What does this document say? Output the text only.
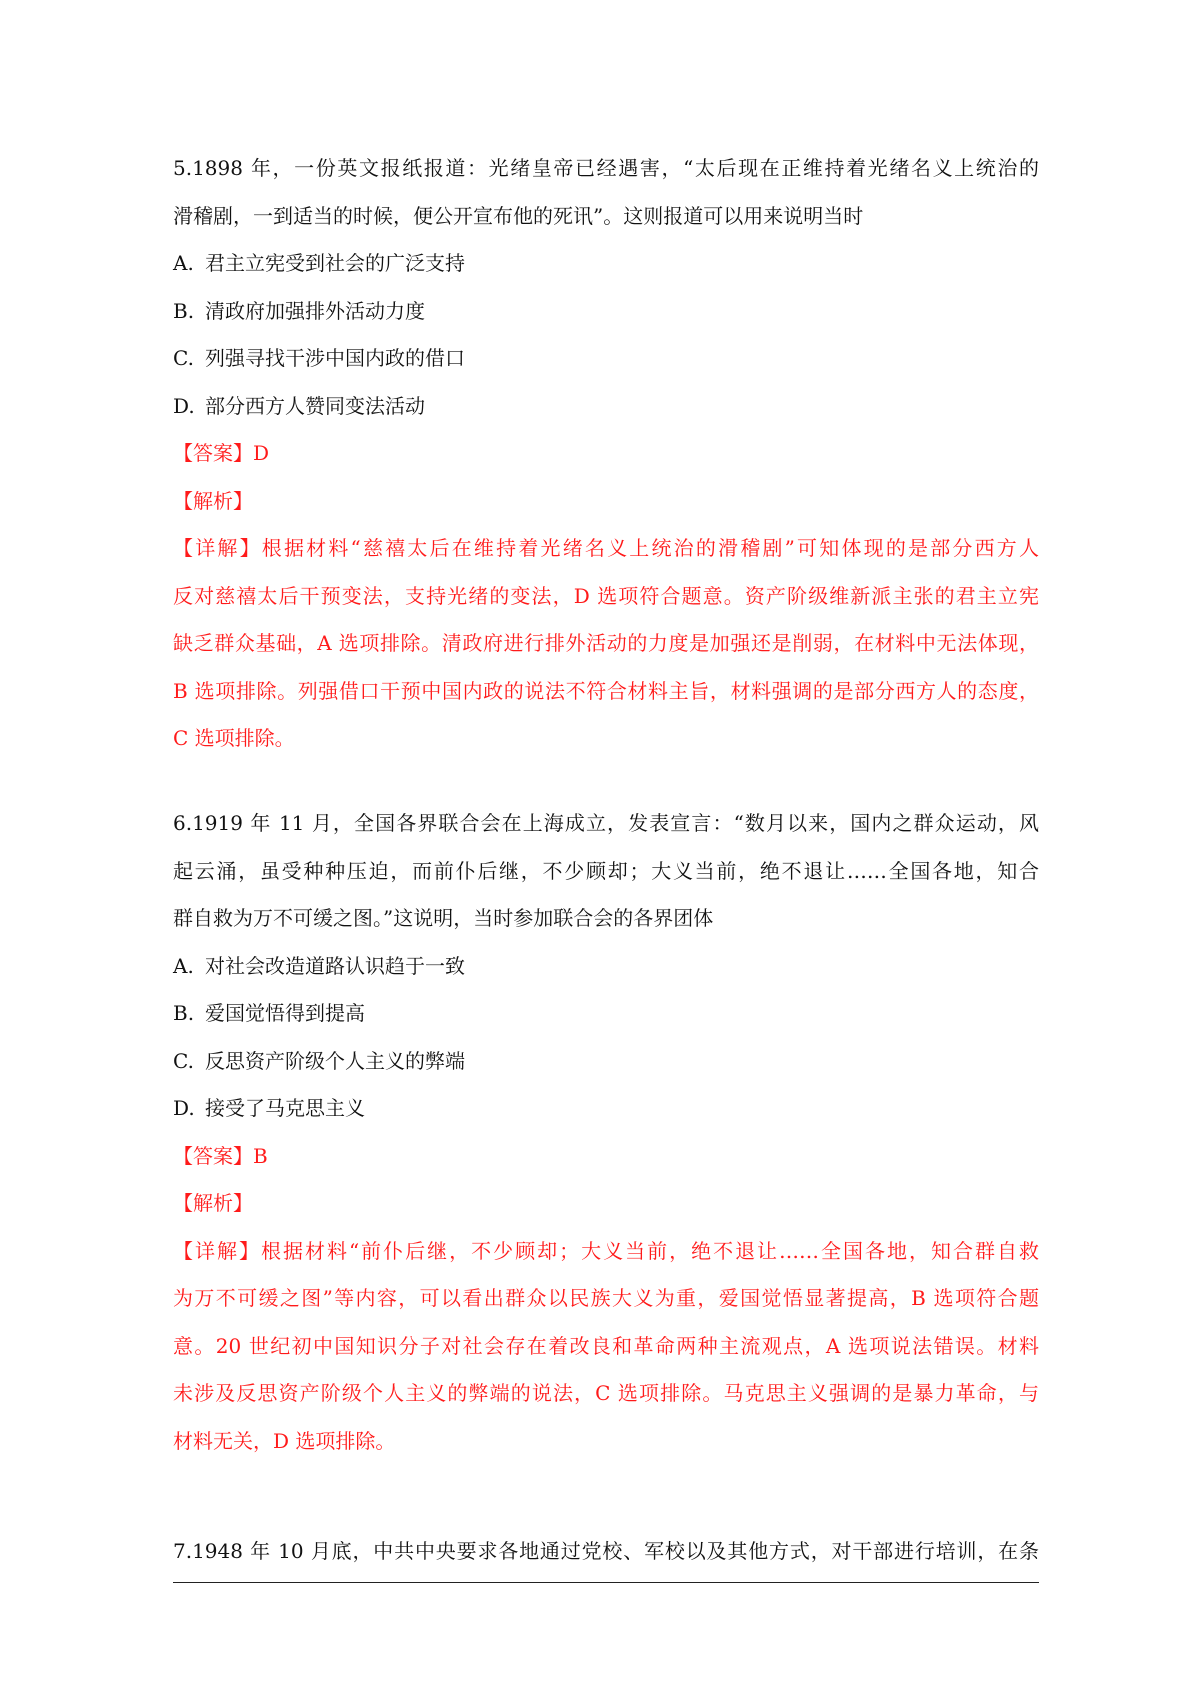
5.1898 年，一份英文报纸报道：光绪皇帝已经遇害，“太后现在正维持着光绪名义上统治的
滑稽剧，一到适当的时候，便公开宣布他的死讯”。这则报道可以用来说明当时
A. 君主立宪受到社会的广泛支持
B. 清政府加强排外活动力度
C. 列强寻找干涉中国内政的借口
D. 部分西方人赞同变法活动
【答案】D
【解析】
【详解】根据材料“慈禧太后在维持着光绪名义上统治的滑稽剧”可知体现的是部分西方人
反对慈禧太后干预变法，支持光绪的变法，D 选项符合题意。资产阶级维新派主张的君主立宪
缺乏群众基础，A 选项排除。清政府进行排外活动的力度是加强还是削弱，在材料中无法体现，
B 选项排除。列强借口干预中国内政的说法不符合材料主旨，材料强调的是部分西方人的态度，
C 选项排除。
6.1919 年 11 月，全国各界联合会在上海成立，发表宣言：“数月以来，国内之群众运动，风
起云涌，虽受种种压迫，而前仆后继，不少顾却；大义当前，绝不退让……全国各地，知合
群自救为万不可缓之图。”这说明，当时参加联合会的各界团体
A. 对社会改造道路认识趋于一致
B. 爱国觉悟得到提高
C. 反思资产阶级个人主义的弊端
D. 接受了马克思主义
【答案】B
【解析】
【详解】根据材料“前仆后继，不少顾却；大义当前，绝不退让……全国各地，知合群自救
为万不可缓之图”等内容，可以看出群众以民族大义为重，爱国觉悟显著提高，B 选项符合题
意。20 世纪初中国知识分子对社会存在着改良和革命两种主流观点，A 选项说法错误。材料
未涉及反思资产阶级个人主义的弊端的说法，C 选项排除。马克思主义强调的是暴力革命，与
材料无关，D 选项排除。
7.1948 年 10 月底，中共中央要求各地通过党校、军校以及其他方式，对干部进行培训，在条
